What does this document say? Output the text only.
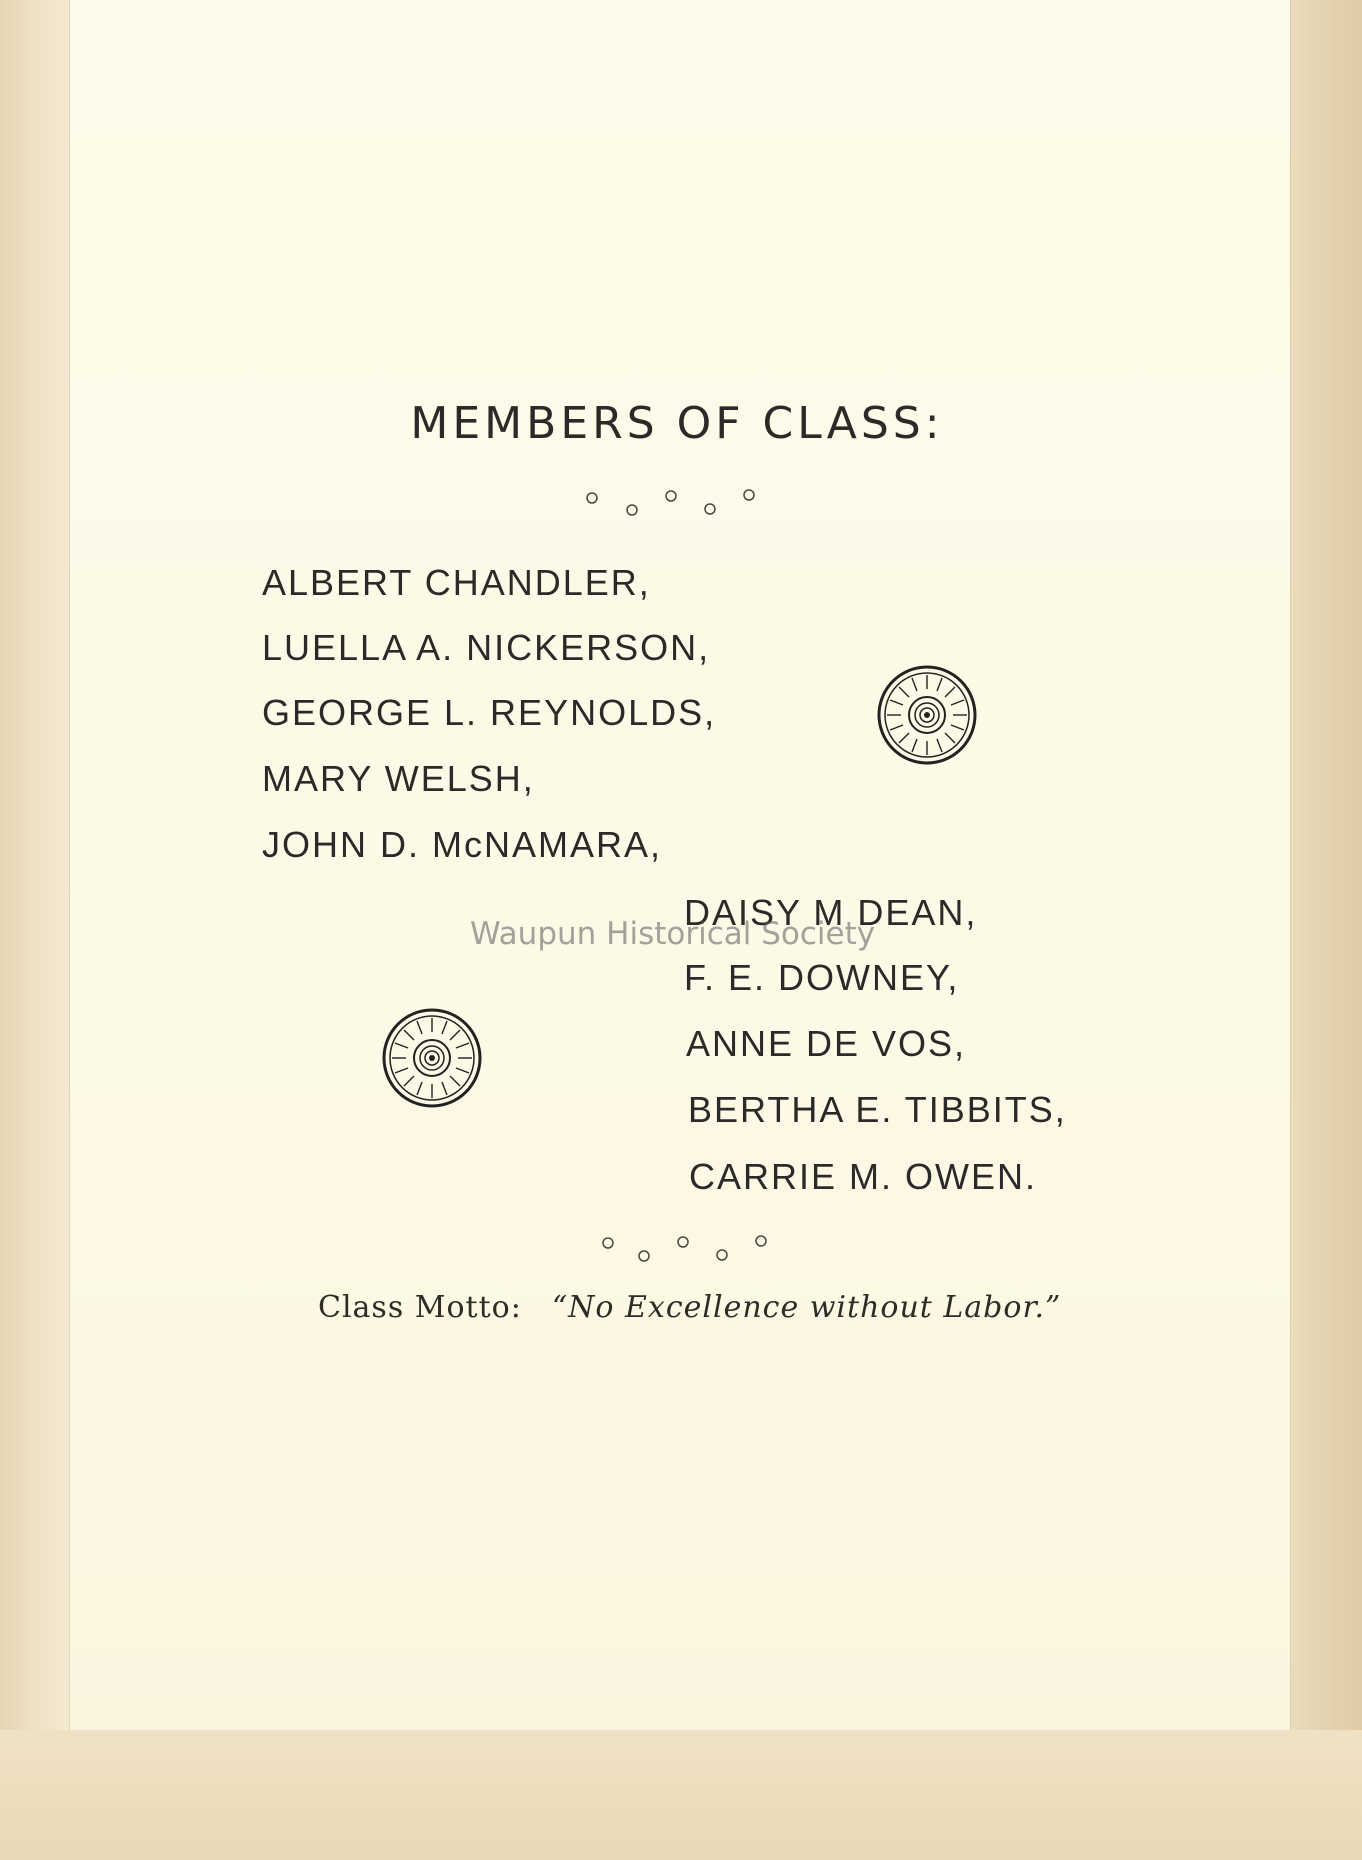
MEMBERS OF CLASS:
ALBERT CHANDLER,
LUELLA A. NICKERSON,
GEORGE L. REYNOLDS,
MARY WELSH,
JOHN D. McNAMARA,
DAISY M DEAN,
F. E. DOWNEY,
ANNE DE VOS,
BERTHA E. TIBBITS,
CARRIE M. OWEN.
Waupun Historical Society
Class Motto: “No Excellence without Labor.”
